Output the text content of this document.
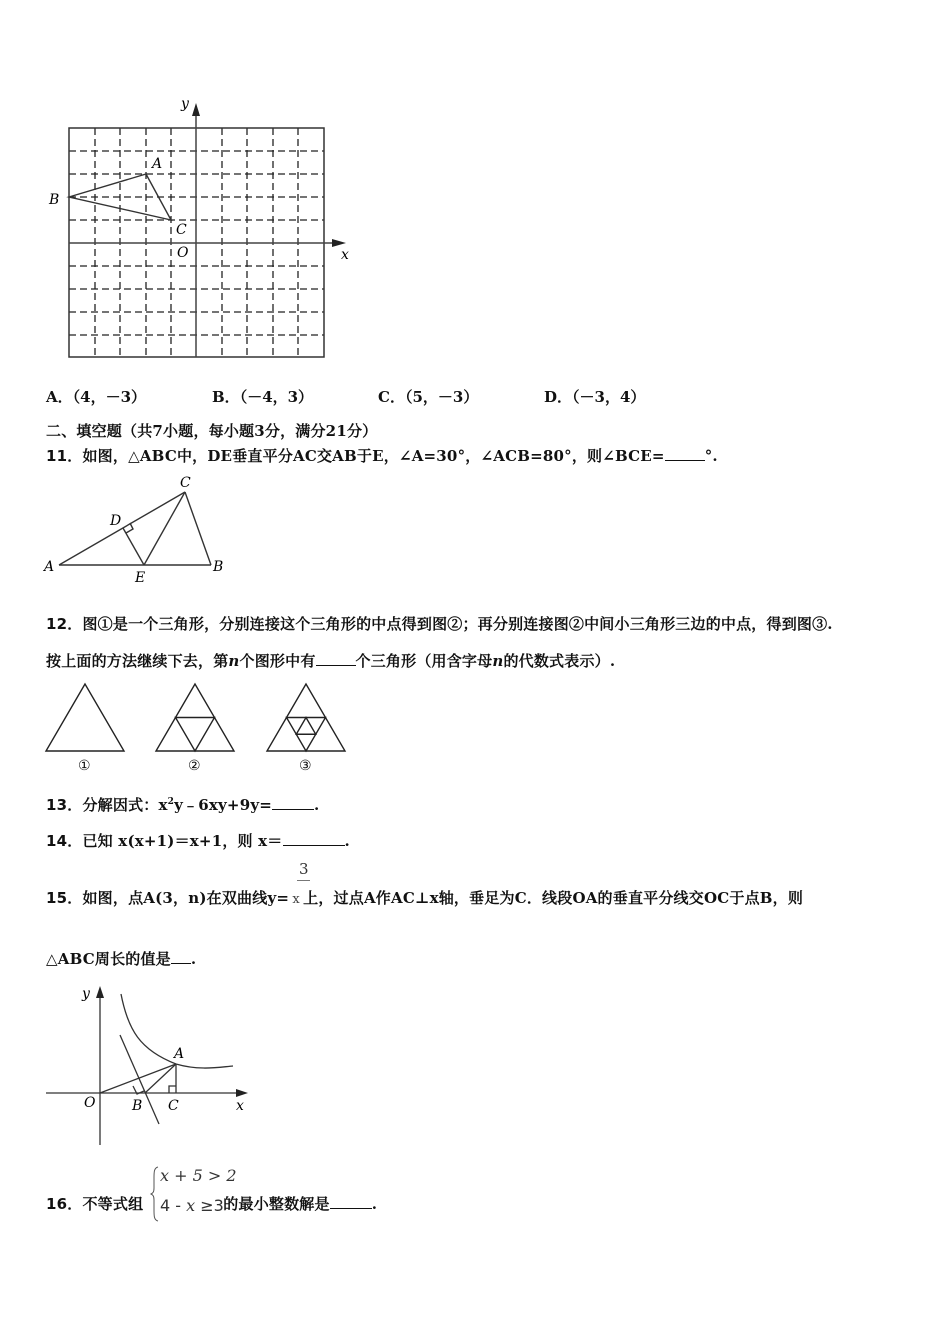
y
x
O
A
B
C
A．（4，－3）	B．（－4，3）	C．（5，－3）	D．（－3，4）
二、填空题（共7小题，每小题3分，满分21分）
11．如图，△ABC中，DE垂直平分AC交AB于E，∠A=30°，∠ACB=80°，则∠BCE=	°.
C
D
A
E
B
12．图①是一个三角形，分别连接这个三角形的中点得到图②；再分别连接图②中间小三角形三边的中点，得到图③.
按上面的方法继续下去，第n个图形中有	个三角形（用含字母n的代数式表示）.
①	②	③
13．分解因式：$x^2y﹣6xy+9y=$	.
14．已知 x(x+1)＝x+1，则 x＝	.
3
15．如图，点A(3，n)在双曲线y= x 上，过点A作AC⊥x轴，垂足为C．线段OA的垂直平分线交OC于点B，则
△ABC周长的值是 .
y
x
O	B C
A
x + 5 > 2
4 - x ≥3
16．不等式组	的最小整数解是	.
